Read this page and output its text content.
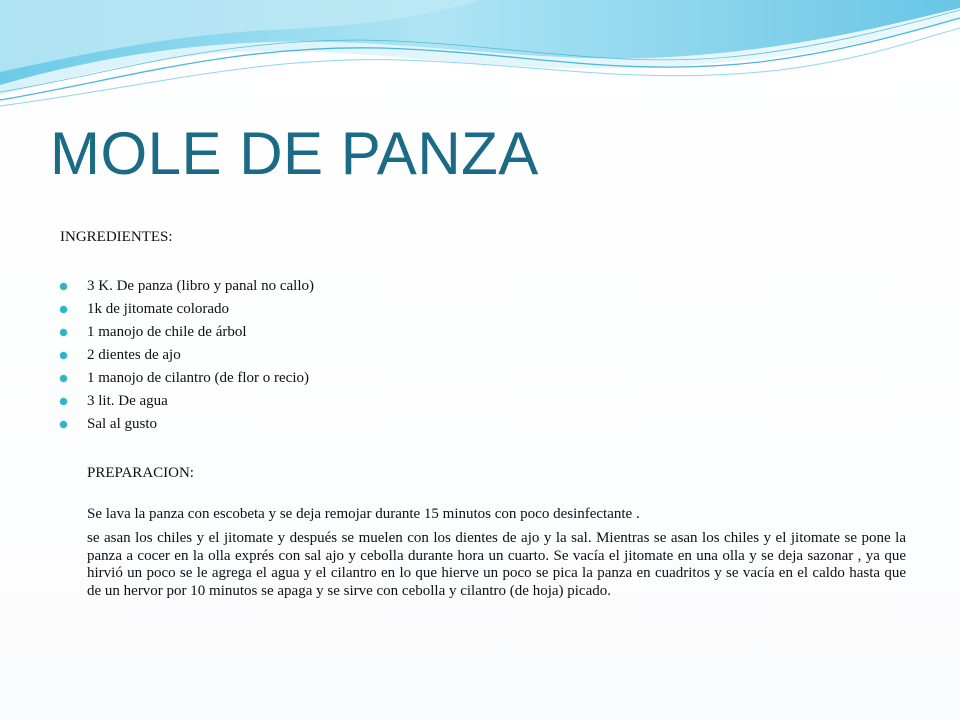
MOLE DE PANZA

INGREDIENTES:

3 K. De panza (libro y panal no callo)
1k de jitomate colorado
1 manojo de chile de árbol
2 dientes de ajo
1 manojo de cilantro (de flor o recio)
3 lit. De agua
Sal al gusto

PREPARACION:

Se lava la panza con escobeta y se deja remojar durante 15 minutos con poco desinfectante .

se asan los chiles y el jitomate y después se muelen con los dientes de ajo y la sal. Mientras se asan los chiles y el jitomate se pone la panza a cocer en la olla exprés con sal ajo y cebolla durante hora un cuarto. Se vacía el jitomate en una olla y se deja sazonar , ya que hirvió un poco se le agrega el agua y el cilantro en lo que hierve un poco se pica la panza en cuadritos y se vacía en el caldo hasta que de un hervor por 10 minutos se apaga y se sirve con cebolla y cilantro (de hoja) picado.
